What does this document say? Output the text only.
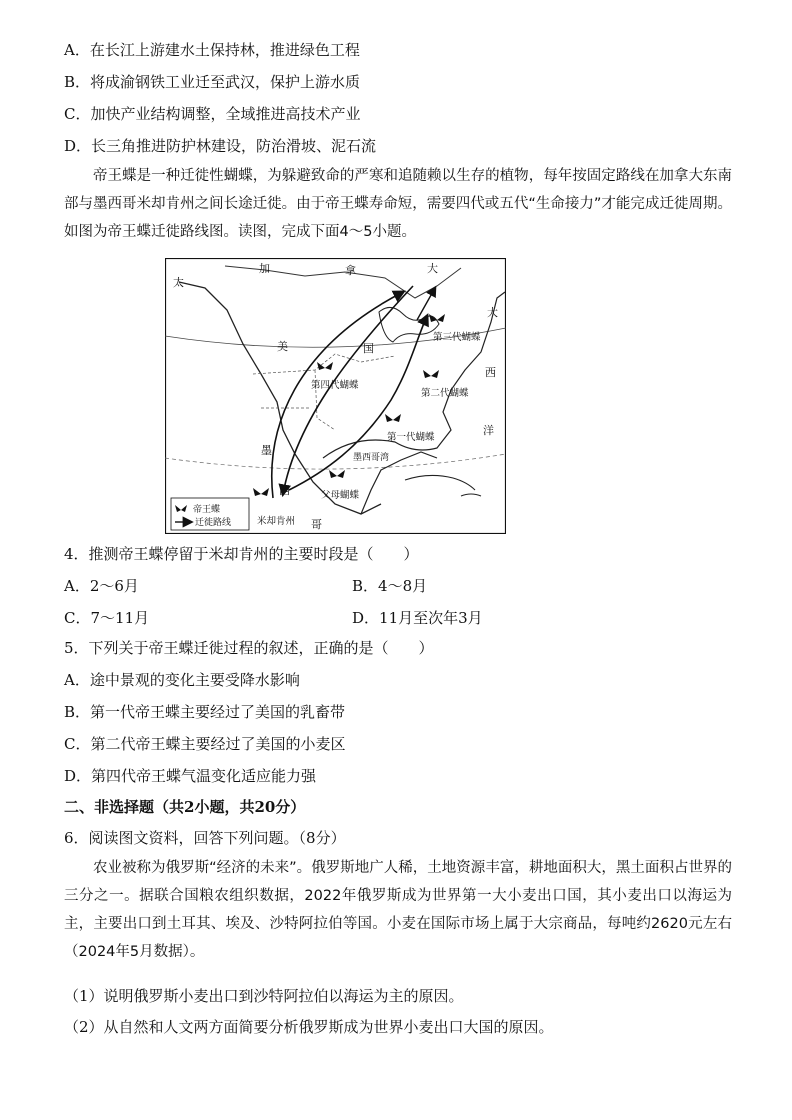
A．在长江上游建水土保持林，推进绿色工程
B．将成渝钢铁工业迁至武汉，保护上游水质
C．加快产业结构调整，全域推进高技术产业
D．长三角推进防护林建设，防治滑坡、泥石流

帝王蝶是一种迁徙性蝴蝶，为躲避致命的严寒和追随赖以生存的植物，每年按固定路线在加拿大东南部与墨西哥米却肯州之间长途迁徙。由于帝王蝶寿命短，需要四代或五代“生命接力”才能完成迁徙周期。如图为帝王蝶迁徙路线图。读图，完成下面4～5小题。

加	拿	大
美	国
大
西
洋
墨
西
哥
太
墨西哥湾
第三代蝴蝶
第四代蝴蝶
第二代蝴蝶
第一代蝴蝶
父母蝴蝶
米却肯州
帝王蝶
迁徙路线
4．推测帝王蝶停留于米却肯州的主要时段是（　　）
A．2～6月	B．4～8月
C．7～11月	D．11月至次年3月
5．下列关于帝王蝶迁徙过程的叙述，正确的是（　　）
A．途中景观的变化主要受降水影响
B．第一代帝王蝶主要经过了美国的乳畜带
C．第二代帝王蝶主要经过了美国的小麦区
D．第四代帝王蝶气温变化适应能力强
二、非选择题（共2小题，共20分）
6．阅读图文资料，回答下列问题。（8分）

农业被称为俄罗斯“经济的未来”。俄罗斯地广人稀，土地资源丰富，耕地面积大，黑土面积占世界的三分之一。据联合国粮农组织数据，2022年俄罗斯成为世界第一大小麦出口国，其小麦出口以海运为主，主要出口到土耳其、埃及、沙特阿拉伯等国。小麦在国际市场上属于大宗商品，每吨约2620元左右（2024年5月数据）。

（1）说明俄罗斯小麦出口到沙特阿拉伯以海运为主的原因。
（2）从自然和人文两方面简要分析俄罗斯成为世界小麦出口大国的原因。
